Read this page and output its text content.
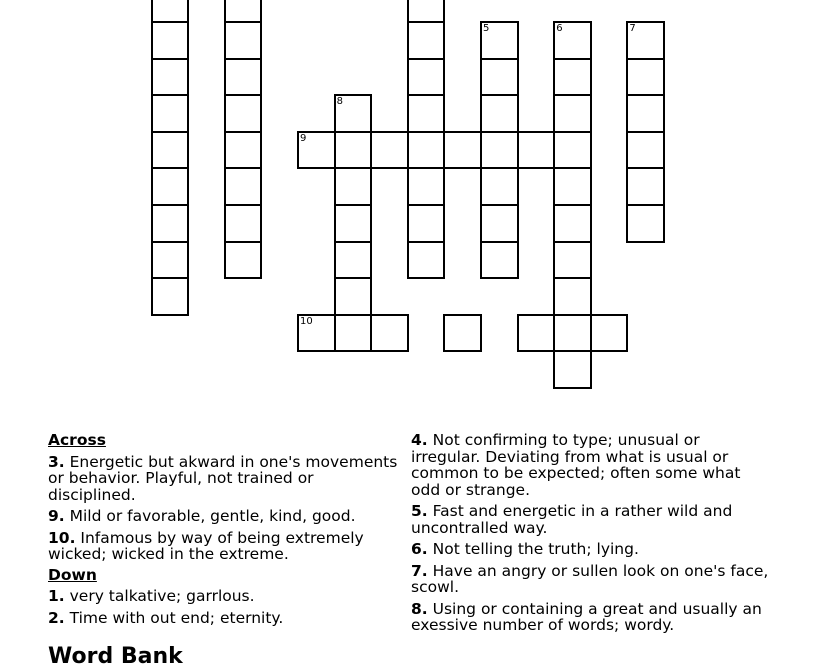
5	6	7
8
9
10
Across
3. Energetic but akward in one's movements or behavior. Playful, not trained or disciplined.
9. Mild or favorable, gentle, kind, good.
10. Infamous by way of being extremely wicked; wicked in the extreme.
Down
1. very talkative; garrlous.
2. Time with out end; eternity.
4. Not confirming to type; unusual or irregular. Deviating from what is usual or common to be expected; often some what odd or strange.
5. Fast and energetic in a rather wild and uncontralled way.
6. Not telling the truth; lying.
7. Have an angry or sullen look on one's face, scowl.
8. Using or containing a great and usually an exessive number of words; wordy.
Word Bank
